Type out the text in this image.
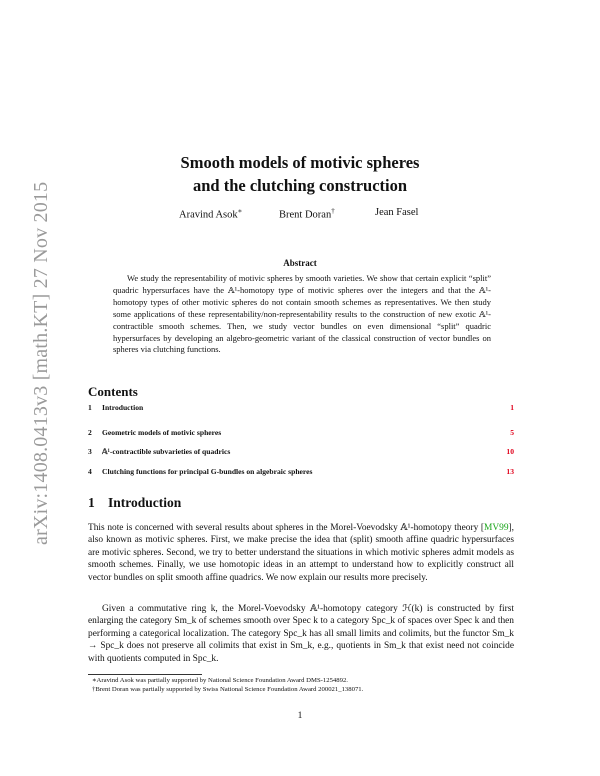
arXiv:1408.0413v3 [math.KT] 27 Nov 2015
Smooth models of motivic spheres
and the clutching construction
Aravind Asok∗	Brent Doran†	Jean Fasel
Abstract
We study the representability of motivic spheres by smooth varieties. We show that certain explicit “split” quadric hypersurfaces have the 𝔸¹-homotopy type of motivic spheres over the integers and that the 𝔸¹-homotopy types of other motivic spheres do not contain smooth schemes as representatives. We then study some applications of these representability/non-representability results to the construction of new exotic 𝔸¹-contractible smooth schemes. Then, we study vector bundles on even dimensional “split” quadric hypersurfaces by developing an algebro-geometric variant of the classical construction of vector bundles on spheres via clutching functions.
Contents
1 Introduction	1
2 Geometric models of motivic spheres	5
3 𝔸¹-contractible subvarieties of quadrics	10
4 Clutching functions for principal G-bundles on algebraic spheres	13
1 Introduction

This note is concerned with several results about spheres in the Morel-Voevodsky 𝔸¹-homotopy theory [MV99], also known as motivic spheres. First, we make precise the idea that (split) smooth affine quadric hypersurfaces are motivic spheres. Second, we try to better understand the situations in which motivic spheres admit models as smooth schemes. Finally, we use homotopic ideas in an attempt to understand how to explicitly construct all vector bundles on split smooth affine quadrics. We now explain our results more precisely.

Given a commutative ring k, the Morel-Voevodsky 𝔸¹-homotopy category ℋ(k) is constructed by first enlarging the category Sm_k of schemes smooth over Spec k to a category Spc_k of spaces over Spec k and then performing a categorical localization. The category Spc_k has all small limits and colimits, but the functor Sm_k → Spc_k does not preserve all colimits that exist in Sm_k, e.g., quotients in Sm_k that exist need not coincide with quotients computed in Spc_k.

∗Aravind Asok was partially supported by National Science Foundation Award DMS-1254892.
†Brent Doran was partially supported by Swiss National Science Foundation Award 200021_138071.
1
